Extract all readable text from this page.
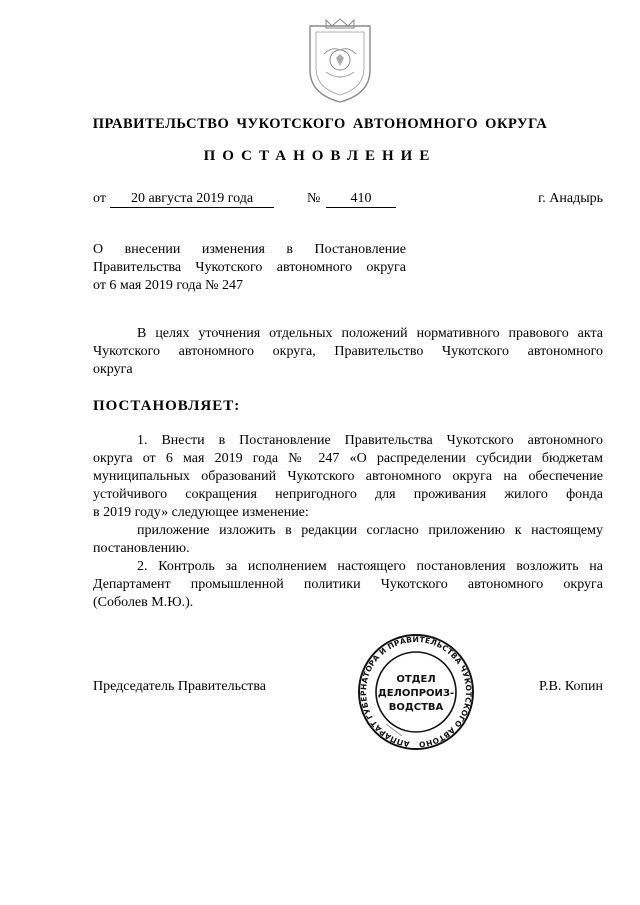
ПРАВИТЕЛЬСТВО ЧУКОТСКОГО АВТОНОМНОГО ОКРУГА
ПОСТАНОВЛЕНИЕ
от	20 августа 2019 года	№	410	г. Анадырь
О внесении изменения в Постановление
Правительства Чукотского автономного округа
от 6 мая 2019 года № 247
В целях уточнения отдельных положений нормативного правового акта
Чукотского автономного округа, Правительство Чукотского автономного
округа
ПОСТАНОВЛЯЕТ:
1. Внести в Постановление Правительства Чукотского автономного
округа от 6 мая 2019 года № 247 «О распределении субсидии бюджетам
муниципальных образований Чукотского автономного округа на обеспечение
устойчивого сокращения непригодного для проживания жилого фонда
в 2019 году» следующее изменение:
приложение изложить в редакции согласно приложению к настоящему
постановлению.
2. Контроль за исполнением настоящего постановления возложить на
Департамент промышленной политики Чукотского автономного округа
(Соболев М.Ю.).
Председатель Правительства	Р.В. Копин
АППАРАТ ГУБЕРНАТОРА И ПРАВИТЕЛЬСТВА ЧУКОТСКОГО АВТОНО
ОТДЕЛ
ДЕЛОПРОИЗ-
ВОДСТВА
